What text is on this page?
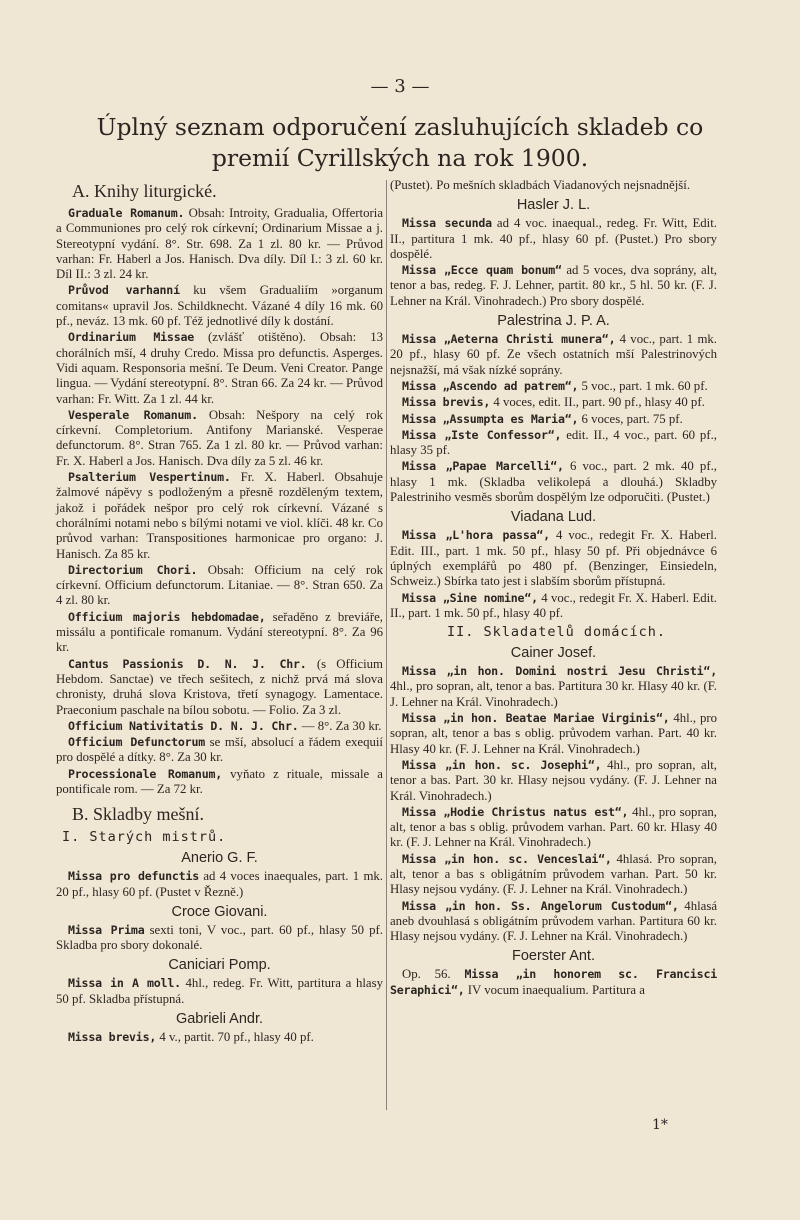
— 3 —
Úplný seznam odporučení zasluhujících skladeb co premií Cyrillských na rok 1900.
A. Knihy liturgické.

Graduale Romanum. Obsah: Introity, Gradualia, Offertoria a Communiones pro celý rok církevní; Ordinarium Missae a j. Stereotypní vydání. 8°. Str. 698. Za 1 zl. 80 kr. — Průvod varhan: Fr. Haberl a Jos. Hanisch. Dva díly. Díl I.: 3 zl. 60 kr. Díl II.: 3 zl. 24 kr.

Průvod varhanní ku všem Gradualiím »organum comitans« upravil Jos. Schildknecht. Vázané 4 díly 16 mk. 60 pf., neváz. 13 mk. 60 pf. Též jednotlivé díly k dostání.

Ordinarium Missae (zvlášť otištěno). Obsah: 13 chorálních mší, 4 druhy Credo. Missa pro defunctis. Asperges. Vidi aquam. Responsoria mešní. Te Deum. Veni Creator. Pange lingua. — Vydání stereotypní. 8°. Stran 66. Za 24 kr. — Průvod varhan: Fr. Witt. Za 1 zl. 44 kr.

Vesperale Romanum. Obsah: Nešpory na celý rok církevní. Completorium. Antifony Marianské. Vesperae defunctorum. 8°. Stran 765. Za 1 zl. 80 kr. — Průvod varhan: Fr. X. Haberl a Jos. Hanisch. Dva díly za 5 zl. 46 kr.

Psalterium Vespertinum. Fr. X. Haberl. Obsahuje žalmové nápěvy s podloženým a přesně rozděleným textem, jakož i pořádek nešpor pro celý rok církevní. Vázané s chorálními notami nebo s bílými notami ve viol. klíči. 48 kr. Co průvod varhan: Transpositiones harmonicae pro organo: J. Hanisch. Za 85 kr.

Directorium Chori. Obsah: Officium na celý rok církevní. Officium defunctorum. Litaniae. — 8°. Stran 650. Za 4 zl. 80 kr.

Officium majoris hebdomadae, seřaděno z breviáře, missálu a pontificale romanum. Vydání stereotypní. 8°. Za 96 kr.

Cantus Passionis D. N. J. Chr. (s Officium Hebdom. Sanctae) ve třech sešitech, z nichž prvá má slova chronisty, druhá slova Kristova, třetí synagogy. Lamentace. Praeconium paschale na bílou sobotu. — Folio. Za 3 zl.

Officium Nativitatis D. N. J. Chr. — 8°. Za 30 kr.

Officium Defunctorum se mší, absolucí a řádem exequií pro dospělé a dítky. 8°. Za 30 kr.

Processionale Romanum, vyňato z rituale, missale a pontificale rom. — Za 72 kr.

B. Skladby mešní.
I. Starých mistrů.
Anerio G. F.

Missa pro defunctis ad 4 voces inaequales, part. 1 mk. 20 pf., hlasy 60 pf. (Pustet v Řezně.)

Croce Giovani.

Missa Prima sexti toni, V voc., part. 60 pf., hlasy 50 pf. Skladba pro sbory dokonalé.

Caniciari Pomp.

Missa in A moll. 4hl., redeg. Fr. Witt, partitura a hlasy 50 pf. Skladba přístupná.

Gabrieli Andr.

Missa brevis, 4 v., partit. 70 pf., hlasy 40 pf.

(Pustet). Po mešních skladbách Viadanových nejsnadnější.

Hasler J. L.

Missa secunda ad 4 voc. inaequal., redeg. Fr. Witt, Edit. II., partitura 1 mk. 40 pf., hlasy 60 pf. (Pustet.) Pro sbory dospělé.

Missa „Ecce quam bonum“ ad 5 voces, dva soprány, alt, tenor a bas, redeg. F. J. Lehner, partit. 80 kr., 5 hl. 50 kr. (F. J. Lehner na Král. Vinohradech.) Pro sbory dospělé.

Palestrina J. P. A.

Missa „Aeterna Christi munera“, 4 voc., part. 1 mk. 20 pf., hlasy 60 pf. Ze všech ostatních mší Palestrinových nejsnažší, má však nízké soprány.

Missa „Ascendo ad patrem“, 5 voc., part. 1 mk. 60 pf.

Missa brevis, 4 voces, edit. II., part. 90 pf., hlasy 40 pf.

Missa „Assumpta es Maria“, 6 voces, part. 75 pf.

Missa „Iste Confessor“, edit. II., 4 voc., part. 60 pf., hlasy 35 pf.

Missa „Papae Marcelli“, 6 voc., part. 2 mk. 40 pf., hlasy 1 mk. (Skladba velikolepá a dlouhá.) Skladby Palestriniho vesměs sborům dospělým lze odporučiti. (Pustet.)

Viadana Lud.

Missa „L'hora passa“, 4 voc., redegit Fr. X. Haberl. Edit. III., part. 1 mk. 50 pf., hlasy 50 pf. Při objednávce 6 úplných exemplářů po 480 pf. (Benzinger, Einsiedeln, Schweiz.) Sbírka tato jest i slabším sborům přístupná.

Missa „Sine nomine“, 4 voc., redegit Fr. X. Haberl. Edit. II., part. 1 mk. 50 pf., hlasy 40 pf.

II. Skladatelů domácích.
Cainer Josef.

Missa „in hon. Domini nostri Jesu Christi“, 4hl., pro sopran, alt, tenor a bas. Partitura 30 kr. Hlasy 40 kr. (F. J. Lehner na Král. Vinohradech.)

Missa „in hon. Beatae Mariae Virginis“, 4hl., pro sopran, alt, tenor a bas s oblig. průvodem varhan. Part. 40 kr. Hlasy 40 kr. (F. J. Lehner na Král. Vinohradech.)

Missa „in hon. sc. Josephi“, 4hl., pro sopran, alt, tenor a bas. Part. 30 kr. Hlasy nejsou vydány. (F. J. Lehner na Král. Vinohradech.)

Missa „Hodie Christus natus est“, 4hl., pro sopran, alt, tenor a bas s oblig. průvodem varhan. Part. 60 kr. Hlasy 40 kr. (F. J. Lehner na Král. Vinohradech.)

Missa „in hon. sc. Venceslai“, 4hlasá. Pro sopran, alt, tenor a bas s obligátním průvodem varhan. Part. 50 kr. Hlasy nejsou vydány. (F. J. Lehner na Král. Vinohradech.)

Missa „in hon. Ss. Angelorum Custodum“, 4hlasá aneb dvouhlasá s obligátním průvodem varhan. Partitura 60 kr. Hlasy nejsou vydány. (F. J. Lehner na Král. Vinohradech.)

Foerster Ant.

Op. 56. Missa „in honorem sc. Francisci Seraphici“, IV vocum inaequalium. Partitura a

1*
